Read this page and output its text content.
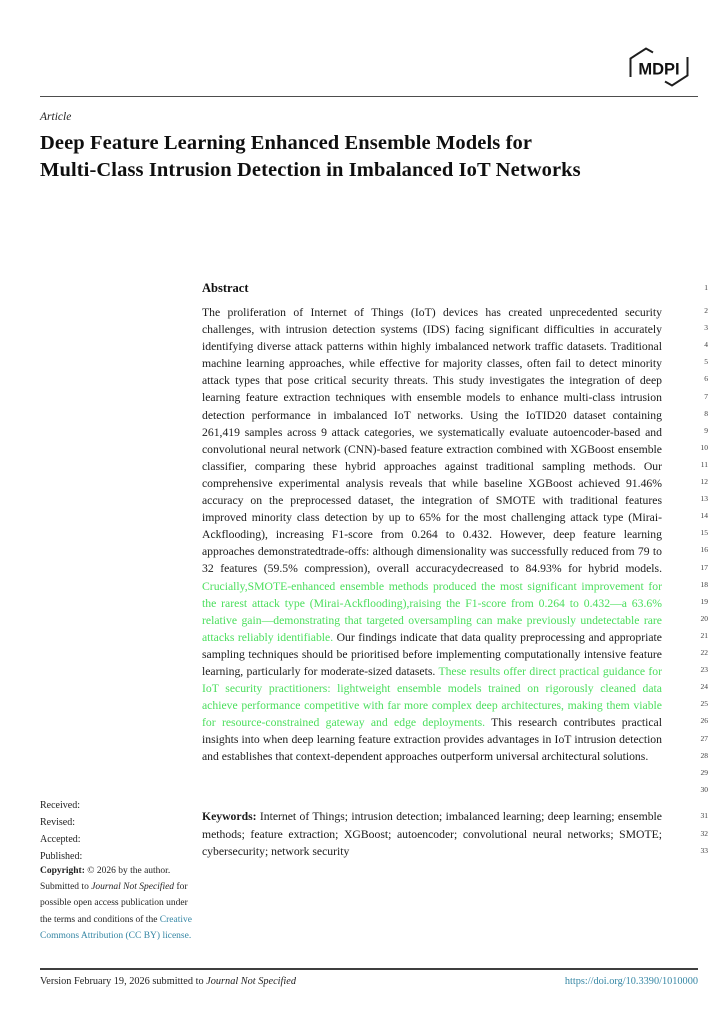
MDPI
Article
Deep Feature Learning Enhanced Ensemble Models for
Multi-Class Intrusion Detection in Imbalanced IoT Networks
Abstract
The proliferation of Internet of Things (IoT) devices has created unprecedented security challenges, with intrusion detection systems (IDS) facing significant difficulties in accurately identifying diverse attack patterns within highly imbalanced network traffic datasets. Traditional machine learning approaches, while effective for majority classes, often fail to detect minority attack types that pose critical security threats. This study investigates the integration of deep learning feature extraction techniques with ensemble models to enhance multi-class intrusion detection performance in imbalanced IoT networks. Using the IoTID20 dataset containing 261,419 samples across 9 attack categories, we systematically evaluate autoencoder-based and convolutional neural network (CNN)-based feature extraction combined with XGBoost ensemble classifier, comparing these hybrid approaches against traditional sampling methods. Our comprehensive experimental analysis reveals that while baseline XGBoost achieved 91.46% accuracy on the preprocessed dataset, the integration of SMOTE with traditional features improved minority class detection by up to 65% for the most challenging attack type (Mirai-Ackflooding), increasing F1-score from 0.264 to 0.432. However, deep feature learning approaches demonstratedtrade-offs: although dimensionality was successfully reduced from 79 to 32 features (59.5% compression), overall accuracydecreased to 84.93% for hybrid models. Crucially,SMOTE-enhanced ensemble methods produced the most significant improvement for the rarest attack type (Mirai-Ackflooding),raising the F1-score from 0.264 to 0.432—a 63.6% relative gain—demonstrating that targeted oversampling can make previously undetectable rare attacks reliably identifiable. Our findings indicate that data quality preprocessing and appropriate sampling techniques should be prioritised before implementing computationally intensive feature learning, particularly for moderate-sized datasets. These results offer direct practical guidance for IoT security practitioners: lightweight ensemble models trained on rigorously cleaned data achieve performance competitive with far more complex deep architectures, making them viable for resource-constrained gateway and edge deployments. This research contributes practical insights into when deep learning feature extraction provides advantages in IoT intrusion detection and establishes that context-dependent approaches outperform universal architectural solutions.
Keywords: Internet of Things; intrusion detection; imbalanced learning; deep learning; ensemble methods; feature extraction; XGBoost; autoencoder; convolutional neural networks; SMOTE; cybersecurity; network security
1
2
3
4
5
6
7
8
9
10
11
12
13
14
15
16
17
18
19
20
21
22
23
24
25
26
27
28
29
30
31
32
33
Received:
Revised:
Accepted:
Published:
Copyright: © 2026 by the author. Submitted to Journal Not Specified for possible open access publication under the terms and conditions of the Creative Commons Attribution (CC BY) license.
Version February 19, 2026 submitted to Journal Not Specified	https://doi.org/10.3390/1010000
